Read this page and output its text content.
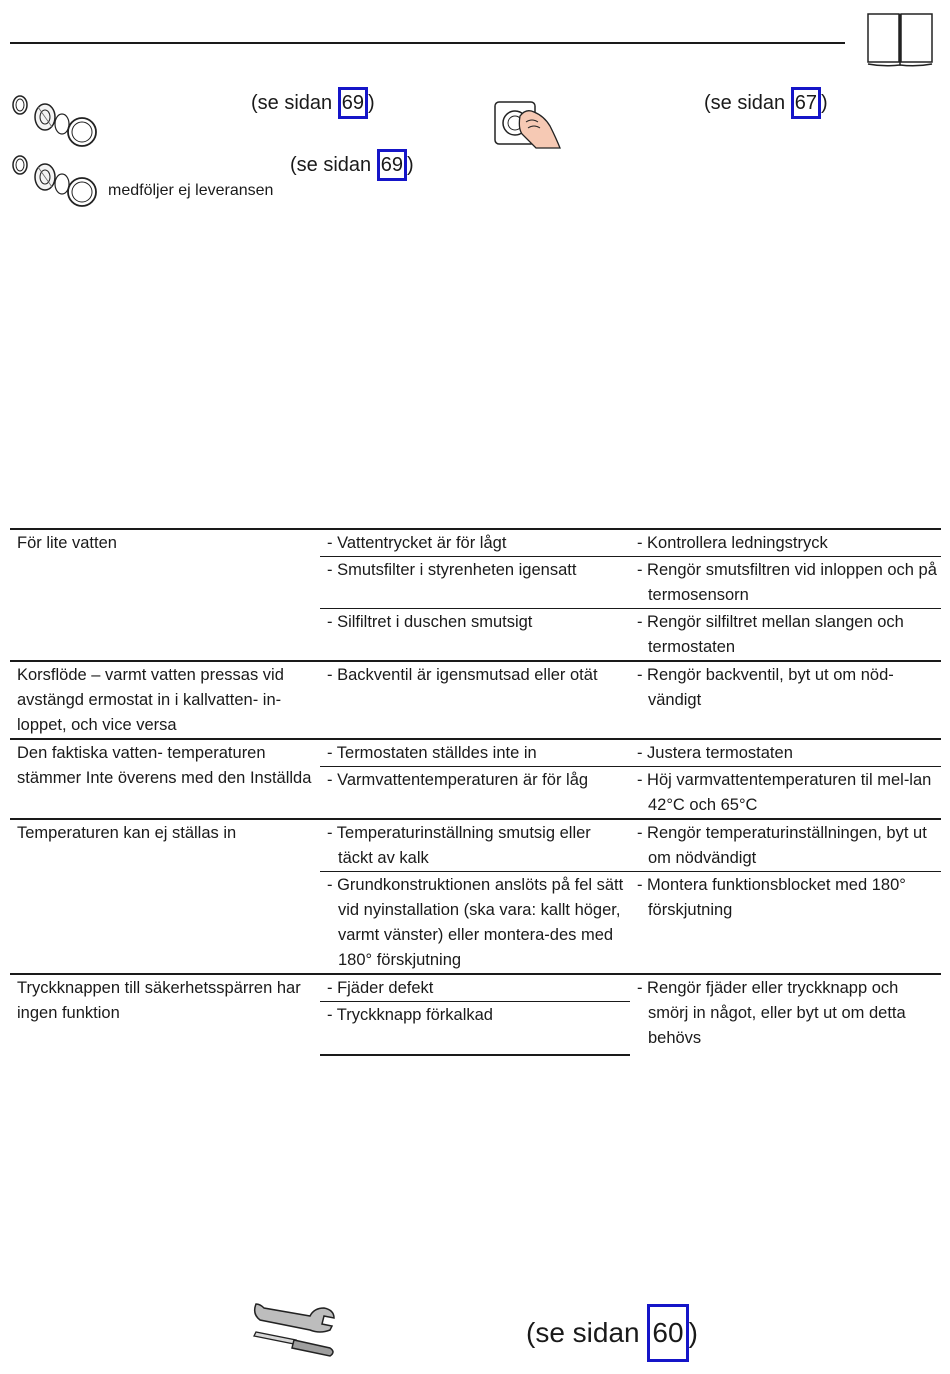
(se sidan 69 )	(se sidan 67 )
(se sidan 69 )
medföljer ej leveransen
För lite vatten	- Vattentrycket är för lågt	- Kontrollera ledningstryck

	- Smutsfilter i styrenheten igensatt	- Rengör smutsfiltren vid inloppen och på termosensorn

	- Silfiltret i duschen smutsigt	- Rengör silfiltret mellan slangen och termostaten

Korsflöde – varmt vatten pressas vid avstängd ermostat in i kallvatten- in-loppet, och vice versa	- Backventil är igensmutsad eller otät	- Rengör backventil, byt ut om nöd-vändigt

Den faktiska vatten- temperaturen stämmer Inte överens med den Inställda	- Termostaten ställdes inte in	- Justera termostaten

	- Varmvattentemperaturen är för låg	- Höj varmvattentemperaturen til mel-lan 42°C och 65°C

Temperaturen kan ej ställas in	- Temperaturinställning smutsig eller täckt av kalk	- Rengör temperaturinställningen, byt ut om nödvändigt

	- Grundkonstruktionen anslöts på fel sätt vid nyinstallation (ska vara: kallt höger, varmt vänster) eller montera-des med 180° förskjutning	- Montera funktionsblocket med 180° förskjutning

Tryckknappen till säkerhetsspärren har ingen funktion	- Fjäder defekt	- Rengör fjäder eller tryckknapp och smörj in något, eller byt ut om detta behövs

	- Tryckknapp förkalkad	
(se sidan 60 )
